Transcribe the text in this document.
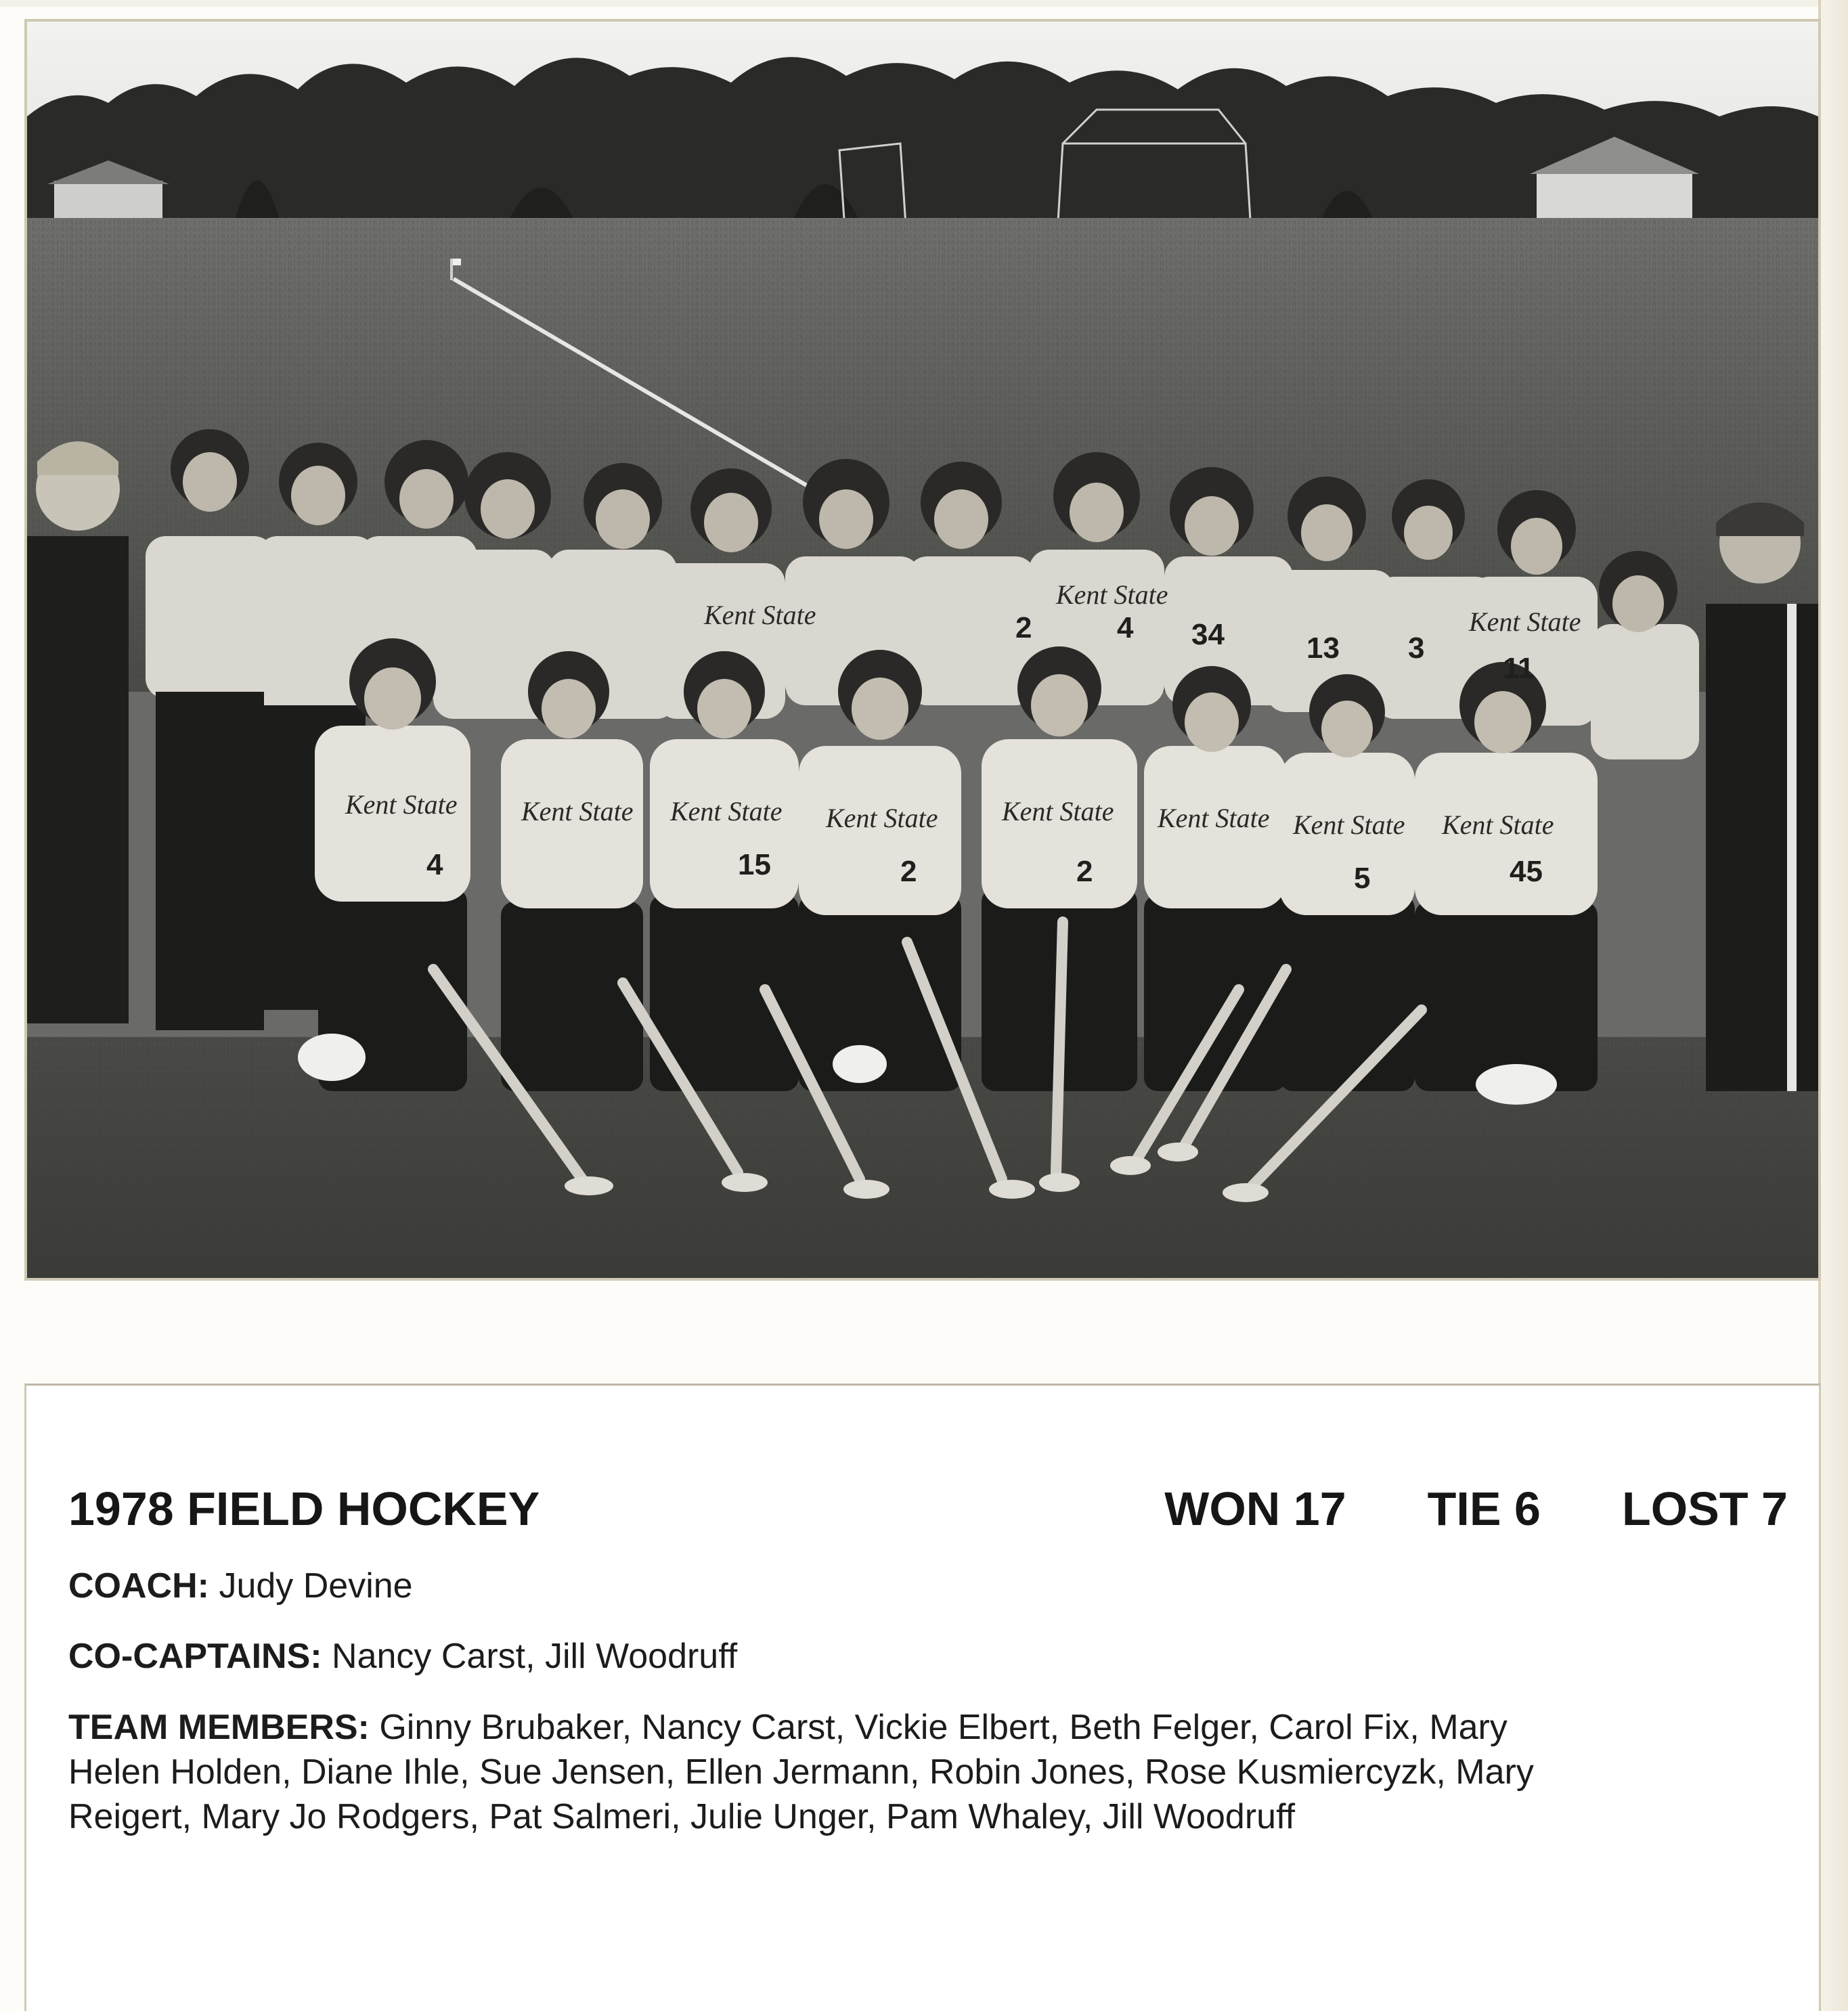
Kent State Kent State Kent State Kent State Kent State Kent State Kent State Kent State
Kent State
Kent State
Kent State
4	15	2	2	5	45
4 34	13 3
11
2
1978 FIELD HOCKEY	WON 17 TIE 6 LOST 7
COACH: Judy Devine
CO-CAPTAINS: Nancy Carst, Jill Woodruff
TEAM MEMBERS: Ginny Brubaker, Nancy Carst, Vickie Elbert, Beth Felger, Carol Fix, Mary
Helen Holden, Diane Ihle, Sue Jensen, Ellen Jermann, Robin Jones, Rose Kusmiercyzk, Mary
Reigert, Mary Jo Rodgers, Pat Salmeri, Julie Unger, Pam Whaley, Jill Woodruff
